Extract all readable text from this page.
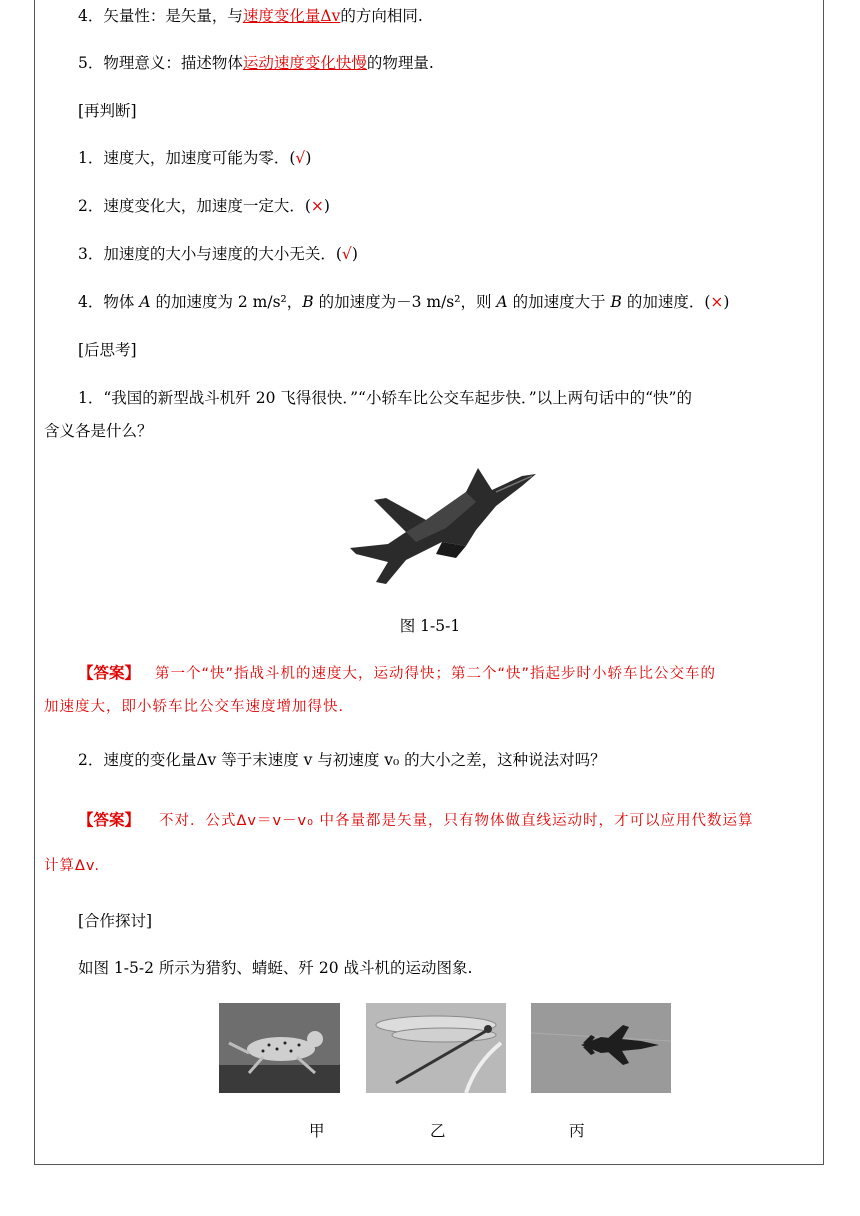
4．矢量性：是矢量，与速度变化量Δv的方向相同.
5．物理意义：描述物体运动速度变化快慢的物理量.
[再判断]
1．速度大，加速度可能为零．(√)
2．速度变化大，加速度一定大．(×)
3．加速度的大小与速度的大小无关．(√)
4．物体 A 的加速度为 2 m/s²，B 的加速度为－3 m/s²，则 A 的加速度大于 B 的加速度．(×)
[后思考]
1．“我国的新型战斗机歼 20 飞得很快．”“小轿车比公交车起步快．”以上两句话中的“快”的
含义各是什么？
图 1-5-1
【答案】 第一个“快”指战斗机的速度大，运动得快；第二个“快”指起步时小轿车比公交车的
加速度大，即小轿车比公交车速度增加得快.
2．速度的变化量Δv 等于末速度 v 与初速度 v₀ 的大小之差，这种说法对吗？
【答案】 不对．公式Δv＝v－v₀ 中各量都是矢量，只有物体做直线运动时，才可以应用代数运算
计算Δv.
[合作探讨]
如图 1-5-2 所示为猎豹、蜻蜓、歼 20 战斗机的运动图象.
甲	乙	丙
